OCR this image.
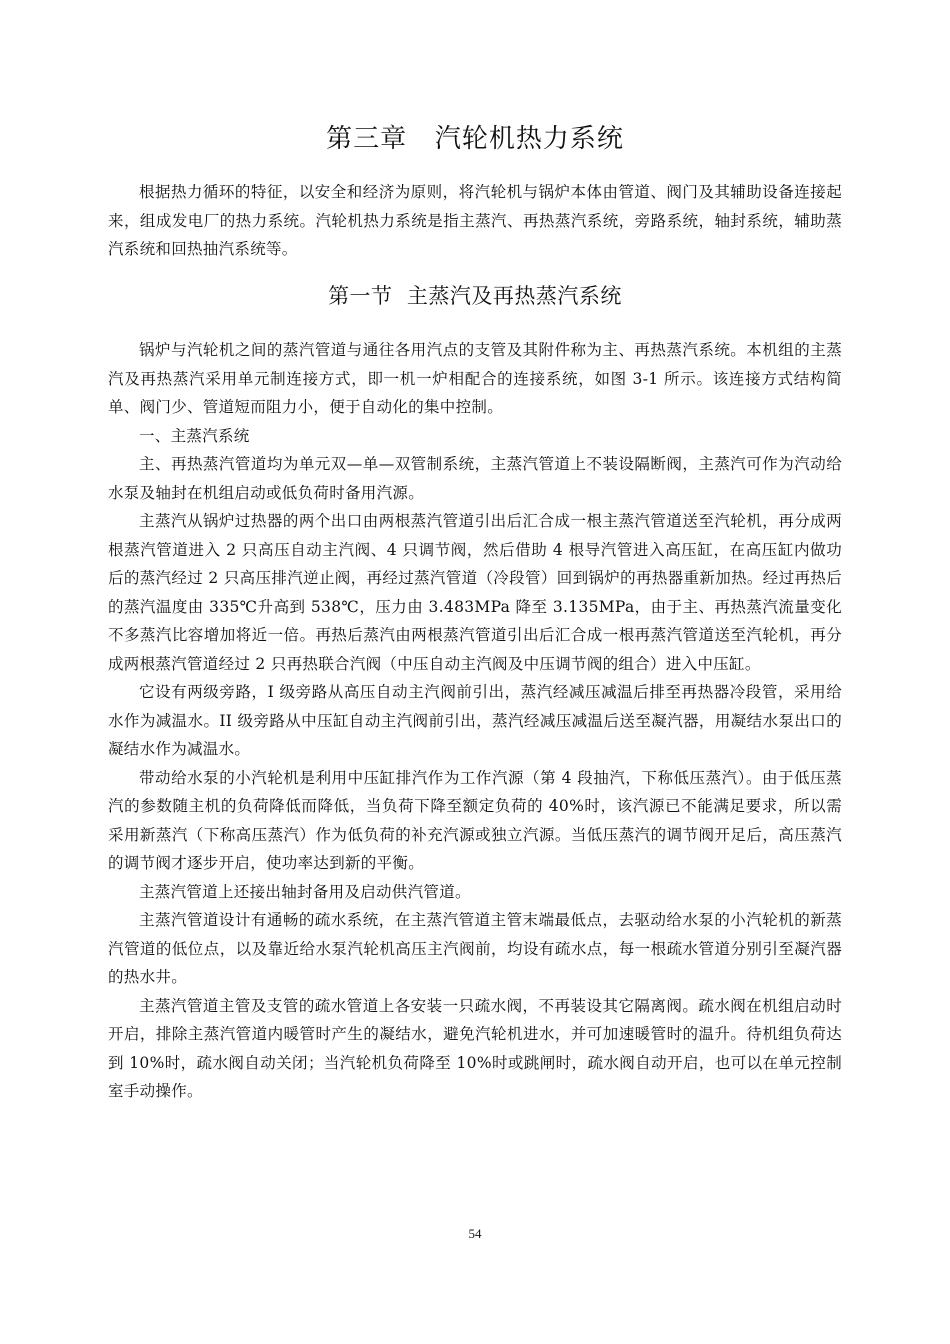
第三章   汽轮机热力系统

根据热力循环的特征，以安全和经济为原则，将汽轮机与锅炉本体由管道、阀门及其辅助设备连接起来，组成发电厂的热力系统。汽轮机热力系统是指主蒸汽、再热蒸汽系统，旁路系统，轴封系统，辅助蒸汽系统和回热抽汽系统等。

第一节  主蒸汽及再热蒸汽系统

锅炉与汽轮机之间的蒸汽管道与通往各用汽点的支管及其附件称为主、再热蒸汽系统。本机组的主蒸汽及再热蒸汽采用单元制连接方式，即一机一炉相配合的连接系统，如图 3-1 所示。该连接方式结构简单、阀门少、管道短而阻力小，便于自动化的集中控制。

一、主蒸汽系统

主、再热蒸汽管道均为单元双—单—双管制系统，主蒸汽管道上不装设隔断阀，主蒸汽可作为汽动给水泵及轴封在机组启动或低负荷时备用汽源。

主蒸汽从锅炉过热器的两个出口由两根蒸汽管道引出后汇合成一根主蒸汽管道送至汽轮机，再分成两根蒸汽管道进入 2 只高压自动主汽阀、4 只调节阀，然后借助 4 根导汽管进入高压缸，在高压缸内做功后的蒸汽经过 2 只高压排汽逆止阀，再经过蒸汽管道（冷段管）回到锅炉的再热器重新加热。经过再热后的蒸汽温度由 335℃升高到 538℃，压力由 3.483MPa 降至 3.135MPa，由于主、再热蒸汽流量变化不多蒸汽比容增加将近一倍。再热后蒸汽由两根蒸汽管道引出后汇合成一根再蒸汽管道送至汽轮机，再分成两根蒸汽管道经过 2 只再热联合汽阀（中压自动主汽阀及中压调节阀的组合）进入中压缸。

它设有两级旁路，I 级旁路从高压自动主汽阀前引出，蒸汽经减压减温后排至再热器冷段管，采用给水作为减温水。II 级旁路从中压缸自动主汽阀前引出，蒸汽经减压减温后送至凝汽器，用凝结水泵出口的凝结水作为减温水。

带动给水泵的小汽轮机是利用中压缸排汽作为工作汽源（第 4 段抽汽，下称低压蒸汽）。由于低压蒸汽的参数随主机的负荷降低而降低，当负荷下降至额定负荷的 40%时，该汽源已不能满足要求，所以需采用新蒸汽（下称高压蒸汽）作为低负荷的补充汽源或独立汽源。当低压蒸汽的调节阀开足后，高压蒸汽的调节阀才逐步开启，使功率达到新的平衡。

主蒸汽管道上还接出轴封备用及启动供汽管道。

主蒸汽管道设计有通畅的疏水系统，在主蒸汽管道主管末端最低点，去驱动给水泵的小汽轮机的新蒸汽管道的低位点，以及靠近给水泵汽轮机高压主汽阀前，均设有疏水点，每一根疏水管道分别引至凝汽器的热水井。

主蒸汽管道主管及支管的疏水管道上各安装一只疏水阀，不再装设其它隔离阀。疏水阀在机组启动时开启，排除主蒸汽管道内暖管时产生的凝结水，避免汽轮机进水，并可加速暖管时的温升。待机组负荷达到 10%时，疏水阀自动关闭；当汽轮机负荷降至 10%时或跳闸时，疏水阀自动开启，也可以在单元控制室手动操作。

54
